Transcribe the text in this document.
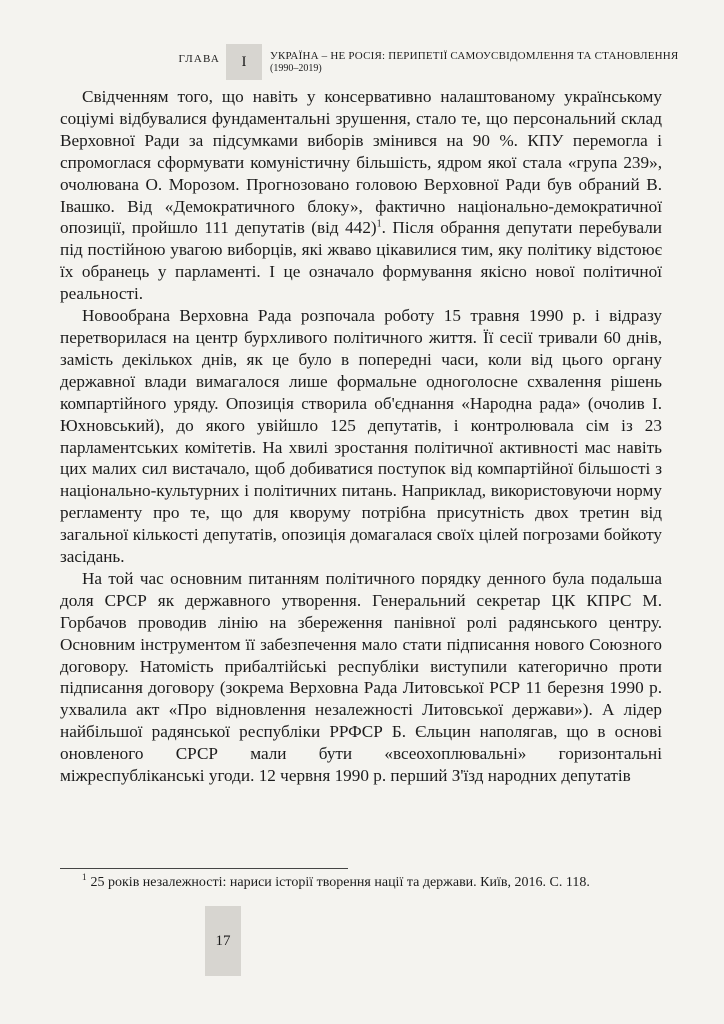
ГЛАВА I УКРАЇНА – НЕ РОСІЯ: ПЕРИПЕТІЇ САМОУСВІДОМЛЕННЯ ТА СТАНОВЛЕННЯ
(1990–2019)

Свідченням того, що навіть у консервативно налаштованому українському соціумі відбувалися фундаментальні зрушення, стало те, що персональний склад Верховної Ради за підсумками виборів змінився на 90 %. КПУ перемогла і спромоглася сформувати комуністичну більшість, ядром якої стала «група 239», очолювана О. Морозом. Прогнозовано головою Верховної Ради був обраний В. Івашко. Від «Демократичного блоку», фактично національно-демократичної опозиції, пройшло 111 депутатів (від 442)$^1$. Після обрання депутати перебували під постійною увагою виборців, які жваво цікавилися тим, яку політику відстоює їх обранець у парламенті. І це означало формування якісно нової політичної реальності.

Новообрана Верховна Рада розпочала роботу 15 травня 1990 р. і відразу перетворилася на центр бурхливого політичного життя. Її сесії тривали 60 днів, замість декількох днів, як це було в попередні часи, коли від цього органу державної влади вимагалося лише формальне одноголосне схвалення рішень компартійного уряду. Опозиція створила об'єднання «Народна рада» (очолив І. Юхновський), до якого увійшло 125 депутатів, і контролювала сім із 23 парламентських комітетів. На хвилі зростання політичної активності мас навіть цих малих сил вистачало, щоб добиватися поступок від компартійної більшості з національно-культурних і політичних питань. Наприклад, використовуючи норму регламенту про те, що для кворуму потрібна присутність двох третин від загальної кількості депутатів, опозиція домагалася своїх цілей погрозами бойкоту засідань.

На той час основним питанням політичного порядку денного була подальша доля СРСР як державного утворення. Генеральний секретар ЦК КПРС М. Горбачов проводив лінію на збереження панівної ролі радянського центру. Основним інструментом її забезпечення мало стати підписання нового Союзного договору. Натомість прибалтійські республіки виступили категорично проти підписання договору (зокрема Верховна Рада Литовської РСР 11 березня 1990 р. ухвалила акт «Про відновлення незалежності Литовської держави»). А лідер найбільшої радянської республіки РРФСР Б. Єльцин наполягав, що в основі оновленого СРСР мали бути «всеохоплювальні» горизонтальні міжреспубліканські угоди. 12 червня 1990 р. перший З'їзд народних депутатів

$^1$ 25 років незалежності: нариси історії творення нації та держави. Київ, 2016. С. 118.
17
